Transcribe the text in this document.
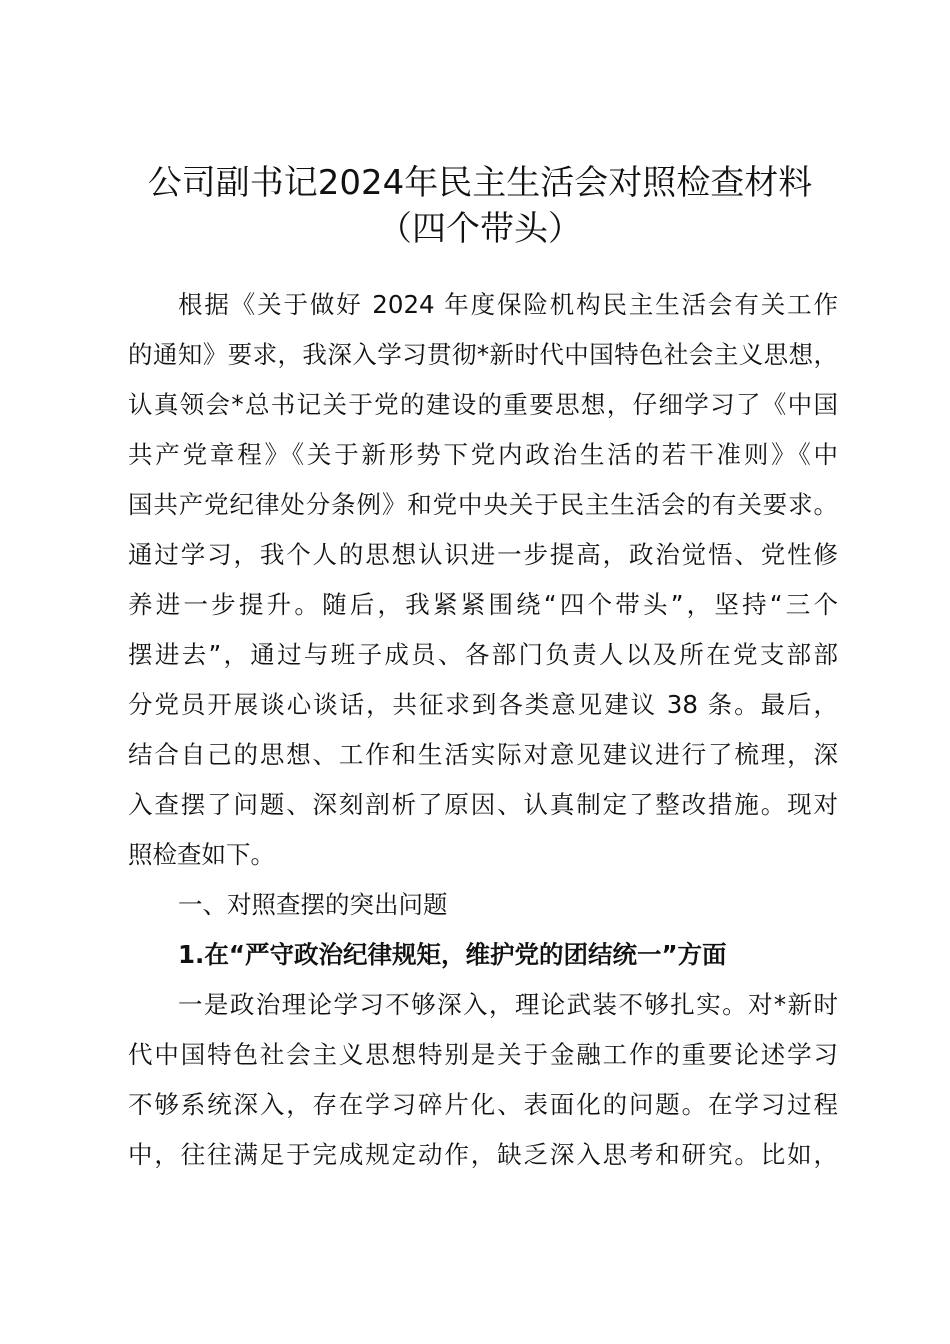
公司副书记2024年民主生活会对照检查材料
（四个带头）

根据《关于做好 2024 年度保险机构民主生活会有关工作

的通知》要求，我深入学习贯彻*新时代中国特色社会主义思想，

认真领会*总书记关于党的建设的重要思想，仔细学习了《中国

共产党章程》《关于新形势下党内政治生活的若干准则》《中

国共产党纪律处分条例》和党中央关于民主生活会的有关要求。

通过学习，我个人的思想认识进一步提高，政治觉悟、党性修

养进一步提升。随后，我紧紧围绕“四个带头”，坚持“三个

摆进去”，通过与班子成员、各部门负责人以及所在党支部部

分党员开展谈心谈话，共征求到各类意见建议 38 条。最后，

结合自己的思想、工作和生活实际对意见建议进行了梳理，深

入查摆了问题、深刻剖析了原因、认真制定了整改措施。现对

照检查如下。

一、对照查摆的突出问题

1.在“严守政治纪律规矩，维护党的团结统一”方面

一是政治理论学习不够深入，理论武装不够扎实。对*新时

代中国特色社会主义思想特别是关于金融工作的重要论述学习

不够系统深入，存在学习碎片化、表面化的问题。在学习过程

中，往往满足于完成规定动作，缺乏深入思考和研究。比如，
